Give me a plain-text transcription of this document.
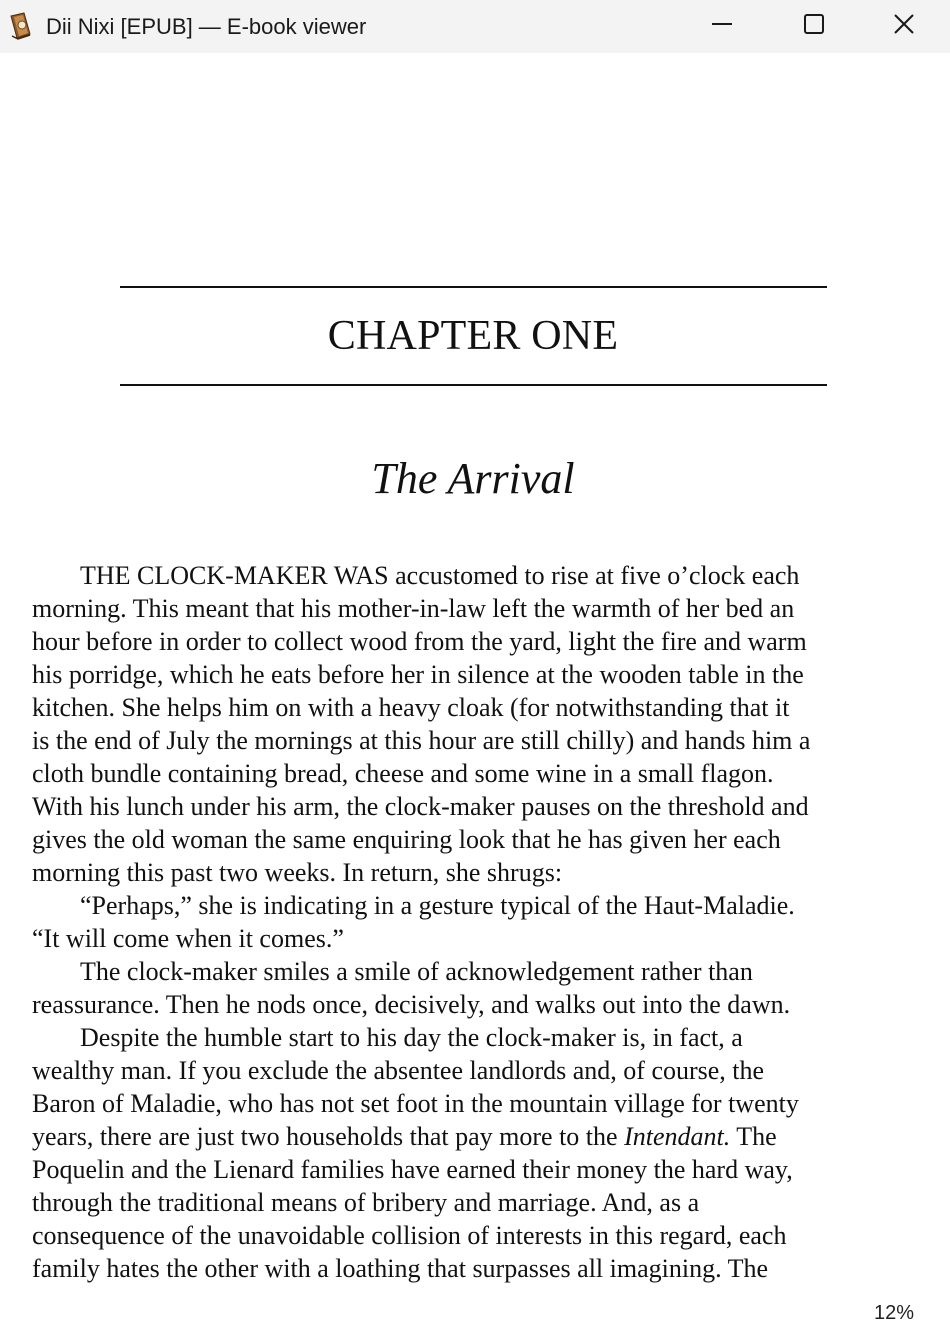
Dii Nixi [EPUB] — E-book viewer
CHAPTER ONE
The Arrival
THE CLOCK-MAKER WAS accustomed to rise at five o’clock each
morning. This meant that his mother-in-law left the warmth of her bed an
hour before in order to collect wood from the yard, light the fire and warm
his porridge, which he eats before her in silence at the wooden table in the
kitchen. She helps him on with a heavy cloak (for notwithstanding that it
is the end of July the mornings at this hour are still chilly) and hands him a
cloth bundle containing bread, cheese and some wine in a small flagon.
With his lunch under his arm, the clock-maker pauses on the threshold and
gives the old woman the same enquiring look that he has given her each
morning this past two weeks. In return, she shrugs:
“Perhaps,” she is indicating in a gesture typical of the Haut-Maladie.
“It will come when it comes.”
The clock-maker smiles a smile of acknowledgement rather than
reassurance. Then he nods once, decisively, and walks out into the dawn.
Despite the humble start to his day the clock-maker is, in fact, a
wealthy man. If you exclude the absentee landlords and, of course, the
Baron of Maladie, who has not set foot in the mountain village for twenty
years, there are just two households that pay more to the Intendant. The
Poquelin and the Lienard families have earned their money the hard way,
through the traditional means of bribery and marriage. And, as a
consequence of the unavoidable collision of interests in this regard, each
family hates the other with a loathing that surpasses all imagining. The
12%
